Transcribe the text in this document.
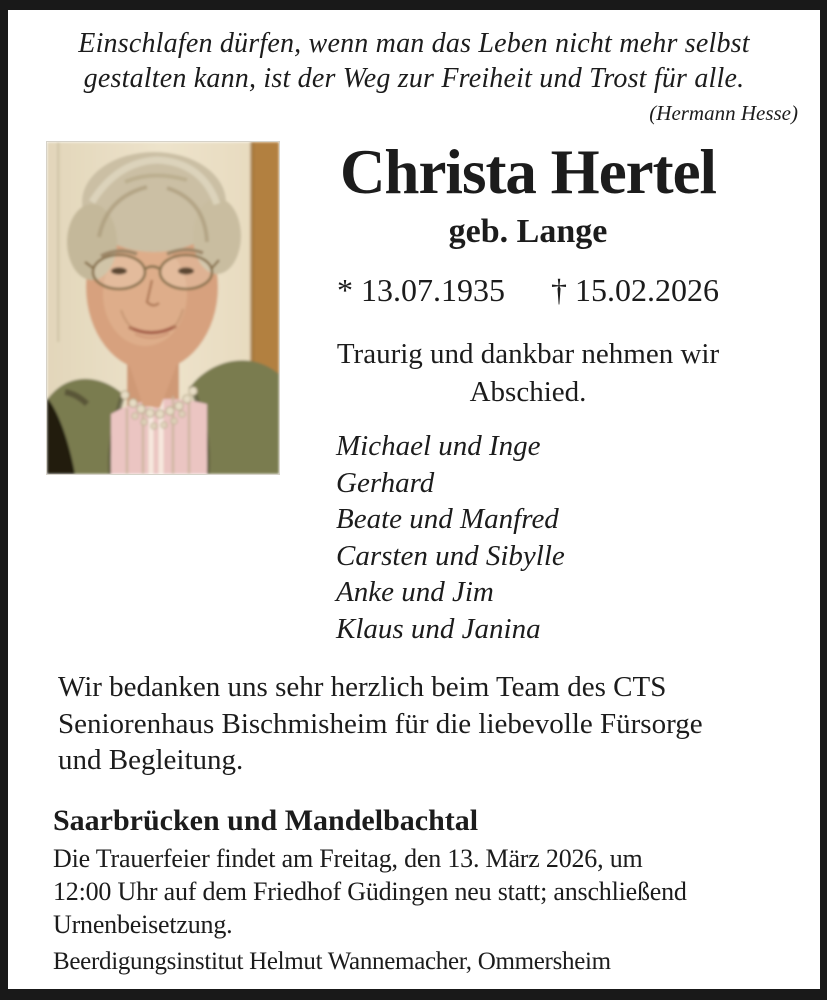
Einschlafen dürfen, wenn man das Leben nicht mehr selbst
gestalten kann, ist der Weg zur Freiheit und Trost für alle.
(Hermann Hesse)
Christa Hertel
geb. Lange
* 13.07.1935 † 15.02.2026
Traurig und dankbar nehmen wir
Abschied.
Michael und Inge
Gerhard
Beate und Manfred
Carsten und Sibylle
Anke und Jim
Klaus und Janina
Wir bedanken uns sehr herzlich beim Team des CTS
Seniorenhaus Bischmisheim für die liebevolle Fürsorge
und Begleitung.
Saarbrücken und Mandelbachtal
Die Trauerfeier findet am Freitag, den 13. März 2026, um
12:00 Uhr auf dem Friedhof Güdingen neu statt; anschließend
Urnenbeisetzung.
Beerdigungsinstitut Helmut Wannemacher, Ommersheim
